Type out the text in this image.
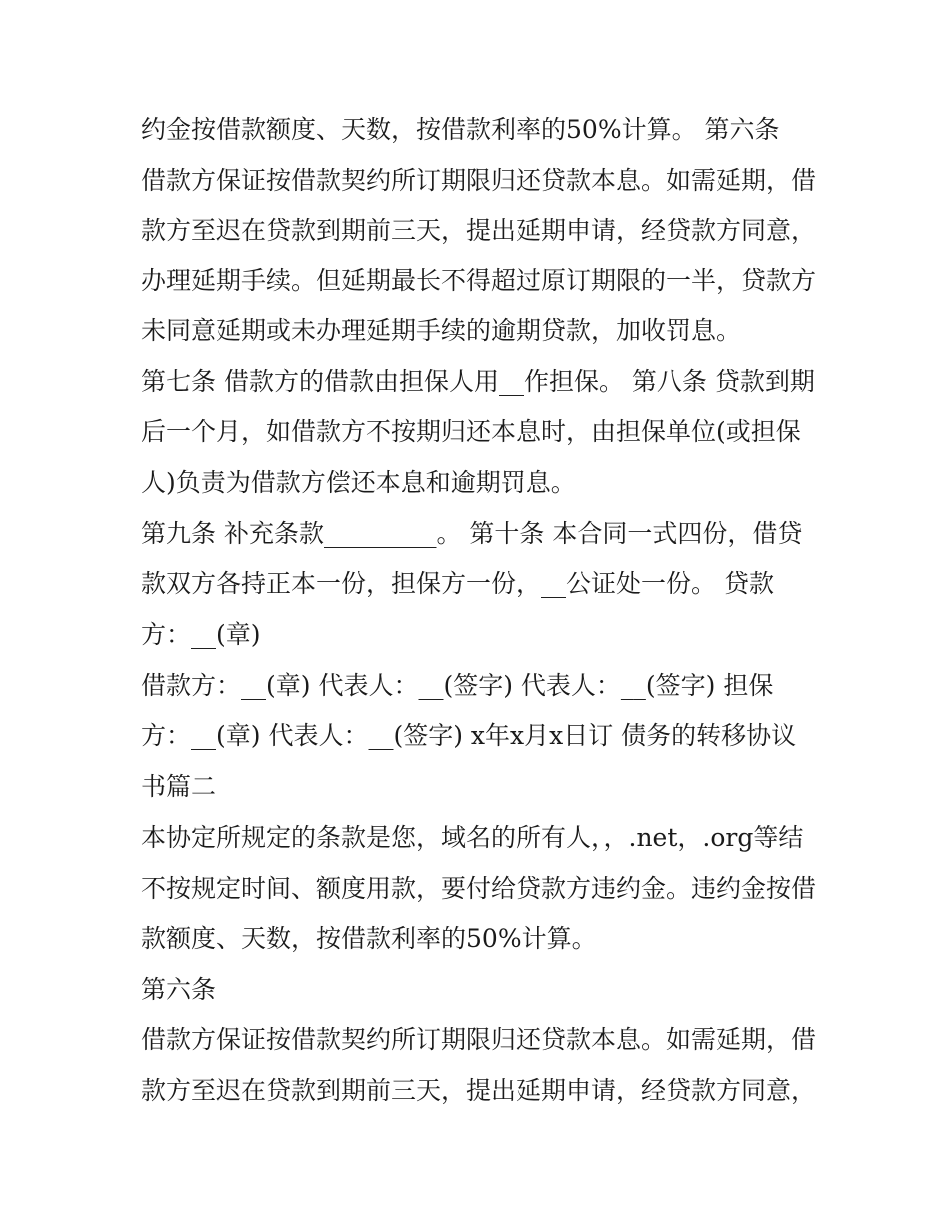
约金按借款额度、天数，按借款利率的50%计算。 第六条
借款方保证按借款契约所订期限归还贷款本息。如需延期，借
款方至迟在贷款到期前三天，提出延期申请，经贷款方同意，
办理延期手续。但延期最长不得超过原订期限的一半，贷款方
未同意延期或未办理延期手续的逾期贷款，加收罚息。
第七条 借款方的借款由担保人用__作担保。 第八条 贷款到期
后一个月，如借款方不按期归还本息时，由担保单位(或担保
人)负责为借款方偿还本息和逾期罚息。
第九条 补充条款_________。 第十条 本合同一式四份，借贷
款双方各持正本一份，担保方一份，__公证处一份。 贷款
方：__(章)
借款方：__(章) 代表人：__(签字) 代表人：__(签字) 担保
方：__(章) 代表人：__(签字) x年x月x日订 债务的转移协议
书篇二
本协定所规定的条款是您，域名的所有人，，.net，.org等结
不按规定时间、额度用款，要付给贷款方违约金。违约金按借
款额度、天数，按借款利率的50%计算。
第六条
借款方保证按借款契约所订期限归还贷款本息。如需延期，借
款方至迟在贷款到期前三天，提出延期申请，经贷款方同意，
